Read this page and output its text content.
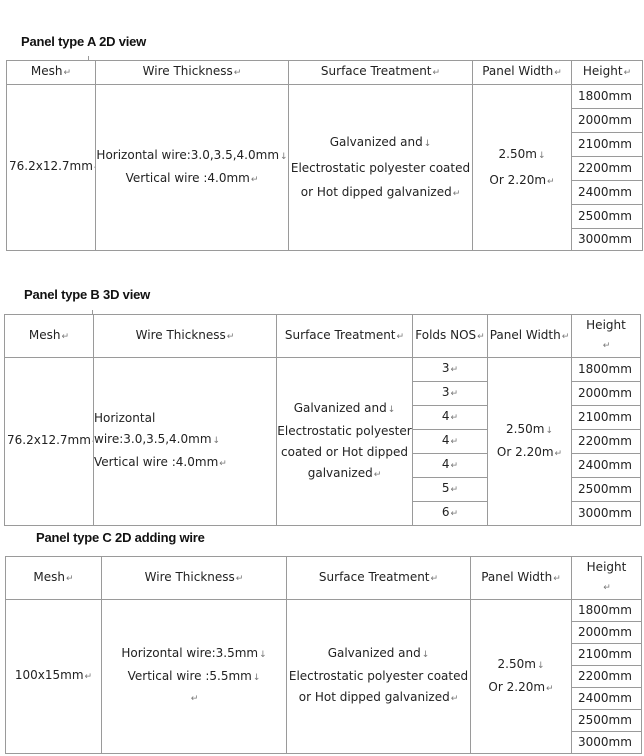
Panel type A 2D view
Mesh↵	Wire Thickness↵	Surface Treatment↵	Panel Width↵	Height↵
76.2x12.7mm	Horizontal wire:3.0,3.5,4.0mm↓
Vertical wire :4.0mm↵	Galvanized and↓
Electrostatic polyester coated
or Hot dipped galvanized↵	2.50m↓
Or 2.20m↵	1800mm
				2000mm
				2100mm
				2200mm
				2400mm
				2500mm
				3000mm
Panel type B 3D view
Mesh↵	Wire Thickness↵	Surface Treatment↵	Folds NOS↵	Panel Width↵	Height
↵

76.2x12.7mm	Horizontal wire:3.0,3.5,4.0mm↓
Vertical wire :4.0mm↵	Galvanized and↓
Electrostatic polyester
coated or Hot dipped
galvanized↵	3↵	2.50m↓
Or 2.20m↵	1800mm
			3↵		2000mm
			4↵		2100mm
			4↵		2200mm
			4↵		2400mm
			5↵		2500mm
			6↵		3000mm
Panel type C 2D adding wire
Mesh↵	Wire Thickness↵	Surface Treatment↵	Panel Width↵	Height
↵

100x15mm↵	Horizontal wire:3.5mm↓
Vertical wire :5.5mm↓
↵	Galvanized and↓
Electrostatic polyester coated
or Hot dipped galvanized↵	2.50m↓
Or 2.20m↵	1800mm
				2000mm
				2100mm
				2200mm
				2400mm
				2500mm
				3000mm
